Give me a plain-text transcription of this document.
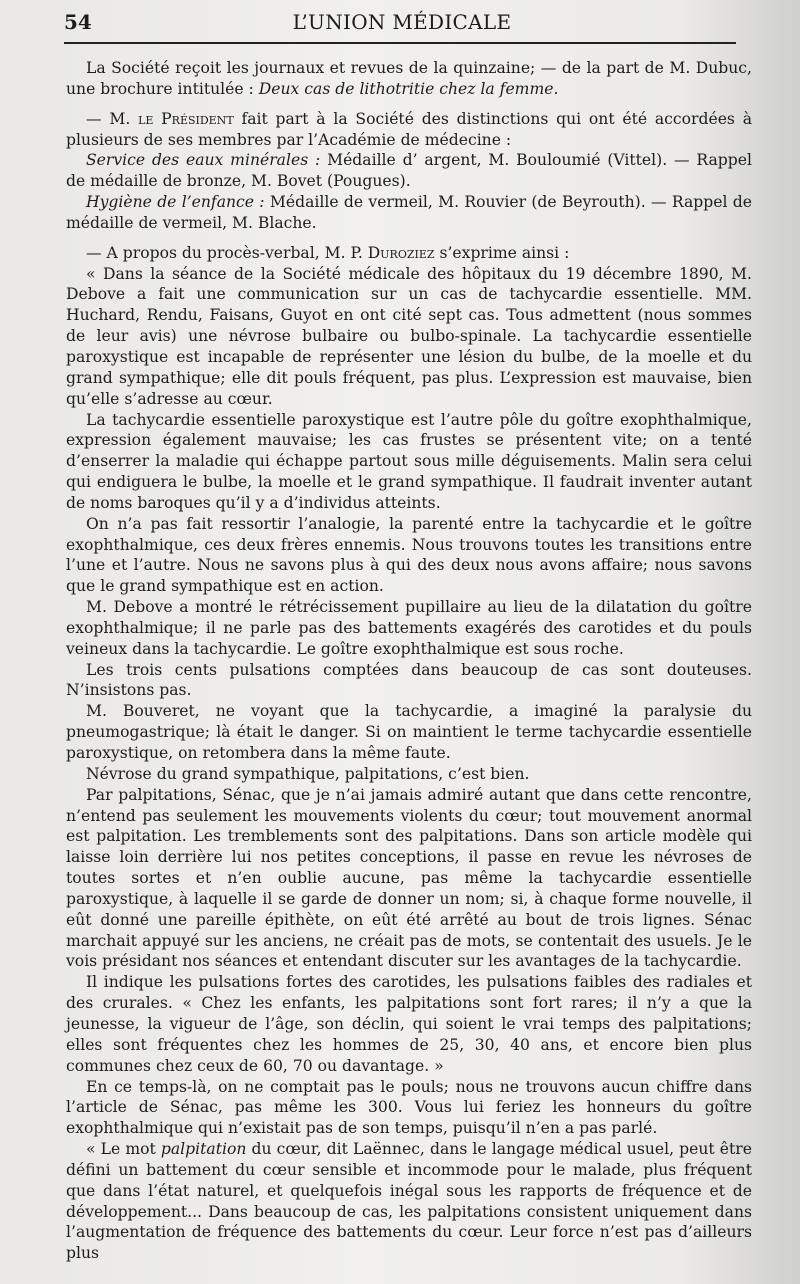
54	L’UNION MÉDICALE

La Société reçoit les journaux et revues de la quinzaine; — de la part de M. Dubuc, une brochure intitulée : Deux cas de lithotritie chez la femme.

— M. le Président fait part à la Société des distinctions qui ont été accordées à plusieurs de ses membres par l’Académie de médecine :

Service des eaux minérales : Médaille d’ argent, M. Bouloumié (Vittel). — Rappel de médaille de bronze, M. Bovet (Pougues).

Hygiène de l’enfance : Médaille de vermeil, M. Rouvier (de Beyrouth). — Rappel de médaille de vermeil, M. Blache.

— A propos du procès-verbal, M. P. Duroziez s’exprime ainsi :

« Dans la séance de la Société médicale des hôpitaux du 19 décembre 1890, M. Debove a fait une communication sur un cas de tachycardie essentielle. MM. Huchard, Rendu, Faisans, Guyot en ont cité sept cas. Tous admettent (nous sommes de leur avis) une névrose bulbaire ou bulbo-spinale. La tachycardie essentielle paroxystique est incapable de représenter une lésion du bulbe, de la moelle et du grand sympathique; elle dit pouls fréquent, pas plus. L’expression est mauvaise, bien qu’elle s’adresse au cœur.

La tachycardie essentielle paroxystique est l’autre pôle du goître exophthalmique, expression également mauvaise; les cas frustes se présentent vite; on a tenté d’enserrer la maladie qui échappe partout sous mille déguisements. Malin sera celui qui endiguera le bulbe, la moelle et le grand sympathique. Il faudrait inventer autant de noms baroques qu’il y a d’individus atteints.

On n’a pas fait ressortir l’analogie, la parenté entre la tachycardie et le goître exophthalmique, ces deux frères ennemis. Nous trouvons toutes les transitions entre l’une et l’autre. Nous ne savons plus à qui des deux nous avons affaire; nous savons que le grand sympathique est en action.

M. Debove a montré le rétrécissement pupillaire au lieu de la dilatation du goître exophthalmique; il ne parle pas des battements exagérés des carotides et du pouls veineux dans la tachycardie. Le goître exophthalmique est sous roche.

Les trois cents pulsations comptées dans beaucoup de cas sont douteuses. N’insistons pas.

M. Bouveret, ne voyant que la tachycardie, a imaginé la paralysie du pneumogastrique; là était le danger. Si on maintient le terme tachycardie essentielle paroxystique, on retombera dans la même faute.

Névrose du grand sympathique, palpitations, c’est bien.

Par palpitations, Sénac, que je n’ai jamais admiré autant que dans cette rencontre, n’entend pas seulement les mouvements violents du cœur; tout mouvement anormal est palpitation. Les tremblements sont des palpitations. Dans son article modèle qui laisse loin derrière lui nos petites conceptions, il passe en revue les névroses de toutes sortes et n’en oublie aucune, pas même la tachycardie essentielle paroxystique, à laquelle il se garde de donner un nom; si, à chaque forme nouvelle, il eût donné une pareille épithète, on eût été arrêté au bout de trois lignes. Sénac marchait appuyé sur les anciens, ne créait pas de mots, se contentait des usuels. Je le vois présidant nos séances et entendant discuter sur les avantages de la tachycardie.

Il indique les pulsations fortes des carotides, les pulsations faibles des radiales et des crurales. « Chez les enfants, les palpitations sont fort rares; il n’y a que la jeunesse, la vigueur de l’âge, son déclin, qui soient le vrai temps des palpitations; elles sont fréquentes chez les hommes de 25, 30, 40 ans, et encore bien plus communes chez ceux de 60, 70 ou davantage. »

En ce temps-là, on ne comptait pas le pouls; nous ne trouvons aucun chiffre dans l’article de Sénac, pas même les 300. Vous lui feriez les honneurs du goître exophthalmique qui n’existait pas de son temps, puisqu’il n’en a pas parlé.

« Le mot palpitation du cœur, dit Laënnec, dans le langage médical usuel, peut être défini un battement du cœur sensible et incommode pour le malade, plus fréquent que dans l’état naturel, et quelquefois inégal sous les rapports de fréquence et de développement... Dans beaucoup de cas, les palpitations consistent uniquement dans l’augmentation de fréquence des battements du cœur. Leur force n’est pas d’ailleurs plus
